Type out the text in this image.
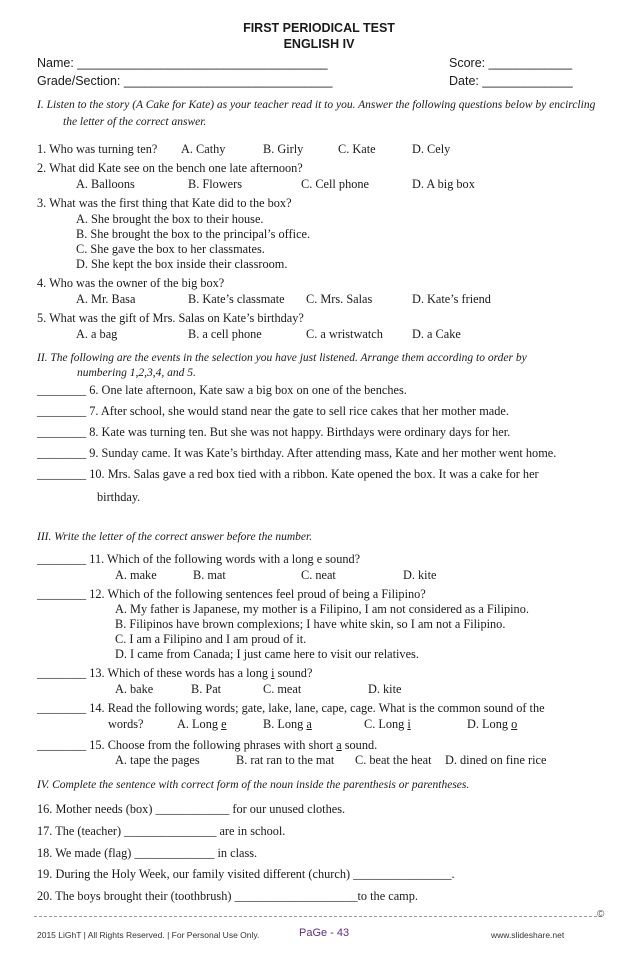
FIRST PERIODICAL TEST
ENGLISH IV
Name: ____________________________________	Score: ____________
Grade/Section: ______________________________	Date: _____________
I. Listen to the story (A Cake for Kate) as your teacher read it to you. Answer the following questions below by encircling
the letter of the correct answer.
1. Who was turning ten? A. Cathy	B. Girly	C. Kate	D. Cely
2. What did Kate see on the bench one late afternoon?
A. Balloons	B. Flowers	C. Cell phone	D. A big box
3. What was the first thing that Kate did to the box?
A. She brought the box to their house.
B. She brought the box to the principal’s office.
C. She gave the box to her classmates.
D. She kept the box inside their classroom.
4. Who was the owner of the big box?
A. Mr. Basa	B. Kate’s classmate C. Mrs. Salas	D. Kate’s friend
5. What was the gift of Mrs. Salas on Kate’s birthday?
A. a bag	B. a cell phone	C. a wristwatch D. a Cake
II. The following are the events in the selection you have just listened. Arrange them according to order by
numbering 1,2,3,4, and 5.
________ 6. One late afternoon, Kate saw a big box on one of the benches.
________ 7. After school, she would stand near the gate to sell rice cakes that her mother made.
________ 8. Kate was turning ten. But she was not happy. Birthdays were ordinary days for her.
________ 9. Sunday came. It was Kate’s birthday. After attending mass, Kate and her mother went home.
________ 10. Mrs. Salas gave a red box tied with a ribbon. Kate opened the box. It was a cake for her
birthday.
III. Write the letter of the correct answer before the number.
________ 11. Which of the following words with a long e sound?
A. make	B. mat	C. neat	D. kite
________ 12. Which of the following sentences feel proud of being a Filipino?
A. My father is Japanese, my mother is a Filipino, I am not considered as a Filipino.
B. Filipinos have brown complexions; I have white skin, so I am not a Filipino.
C. I am a Filipino and I am proud of it.
D. I came from Canada; I just came here to visit our relatives.
________ 13. Which of these words has a long i sound?
A. bake	B. Pat	C. meat	D. kite
________ 14. Read the following words; gate, lake, lane, cape, cage. What is the common sound of the
words?	A. Long e	B. Long a	C. Long i	D. Long o
________ 15. Choose from the following phrases with short a sound.
A. tape the pages	B. rat ran to the mat C. beat the heat D. dined on fine rice
IV. Complete the sentence with correct form of the noun inside the parenthesis or parentheses.
16. Mother needs (box) ____________ for our unused clothes.
17. The (teacher) _______________ are in school.
18. We made (flag) _____________ in class.
19. During the Holy Week, our family visited different (church) ________________.
20. The boys brought their (toothbrush) ____________________to the camp.
©
2015 LiGhT | All Rights Reserved. | For Personal Use Only.	PaGe - 43	www.slideshare.net
